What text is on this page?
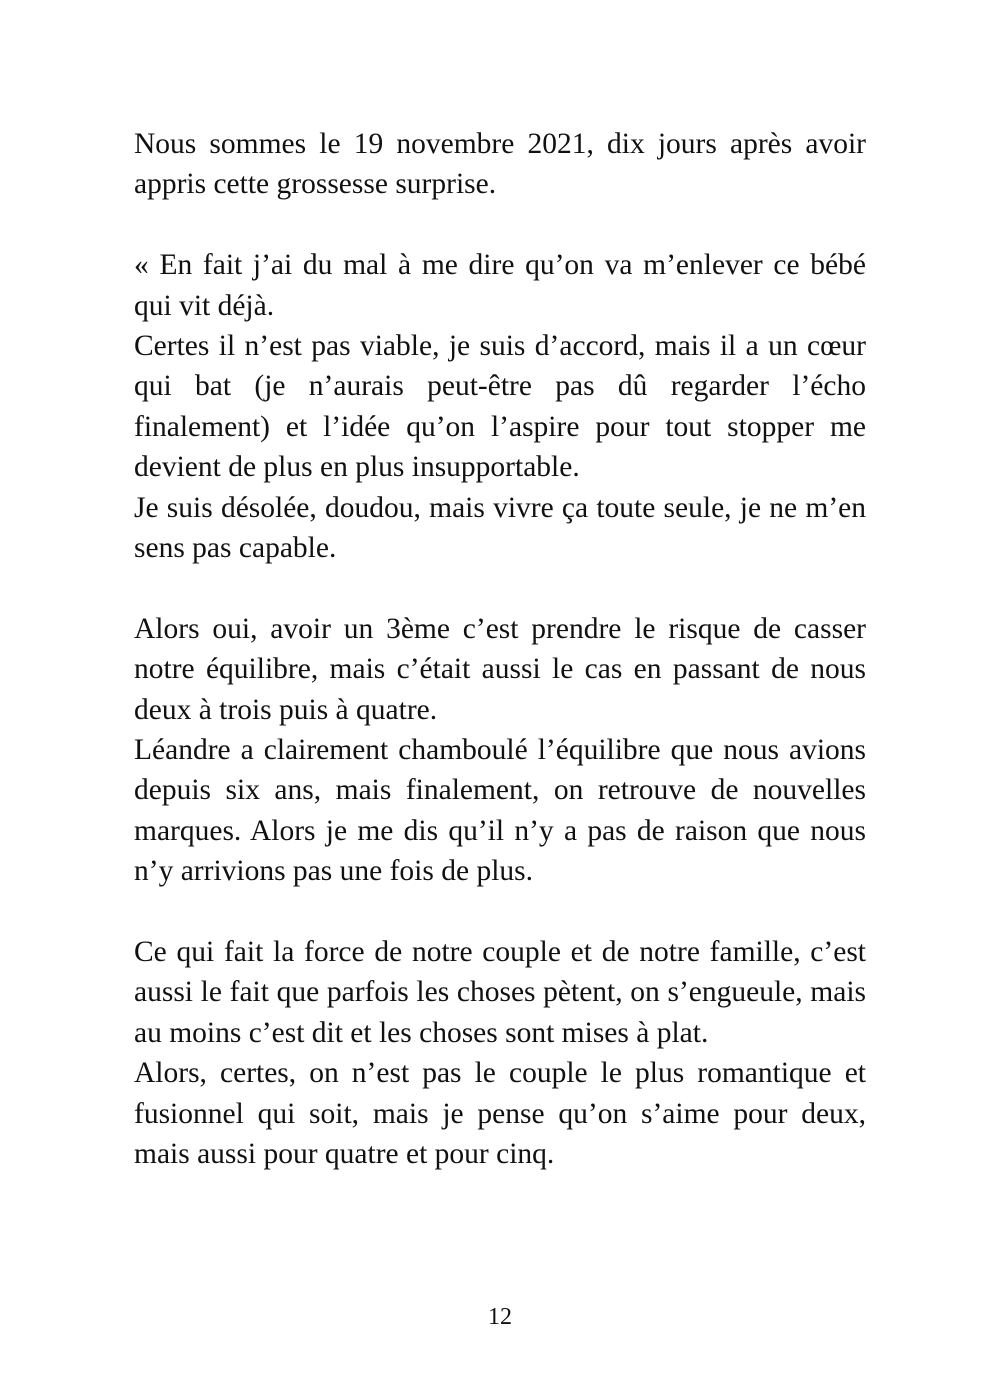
Nous sommes le 19 novembre 2021, dix jours après avoir appris cette grossesse surprise.

« En fait j’ai du mal à me dire qu’on va m’enlever ce bébé qui vit déjà.

Certes il n’est pas viable, je suis d’accord, mais il a un cœur qui bat (je n’aurais peut-être pas dû regarder l’écho finalement) et l’idée qu’on l’aspire pour tout stopper me devient de plus en plus insupportable.

Je suis désolée, doudou, mais vivre ça toute seule, je ne m’en sens pas capable.

Alors oui, avoir un 3ème c’est prendre le risque de casser notre équilibre, mais c’était aussi le cas en passant de nous deux à trois puis à quatre.

Léandre a clairement chamboulé l’équilibre que nous avions depuis six ans, mais finalement, on retrouve de nouvelles marques. Alors je me dis qu’il n’y a pas de raison que nous n’y arrivions pas une fois de plus.

Ce qui fait la force de notre couple et de notre famille, c’est aussi le fait que parfois les choses pètent, on s’engueule, mais au moins c’est dit et les choses sont mises à plat.

Alors, certes, on n’est pas le couple le plus romantique et fusionnel qui soit, mais je pense qu’on s’aime pour deux, mais aussi pour quatre et pour cinq.

12
